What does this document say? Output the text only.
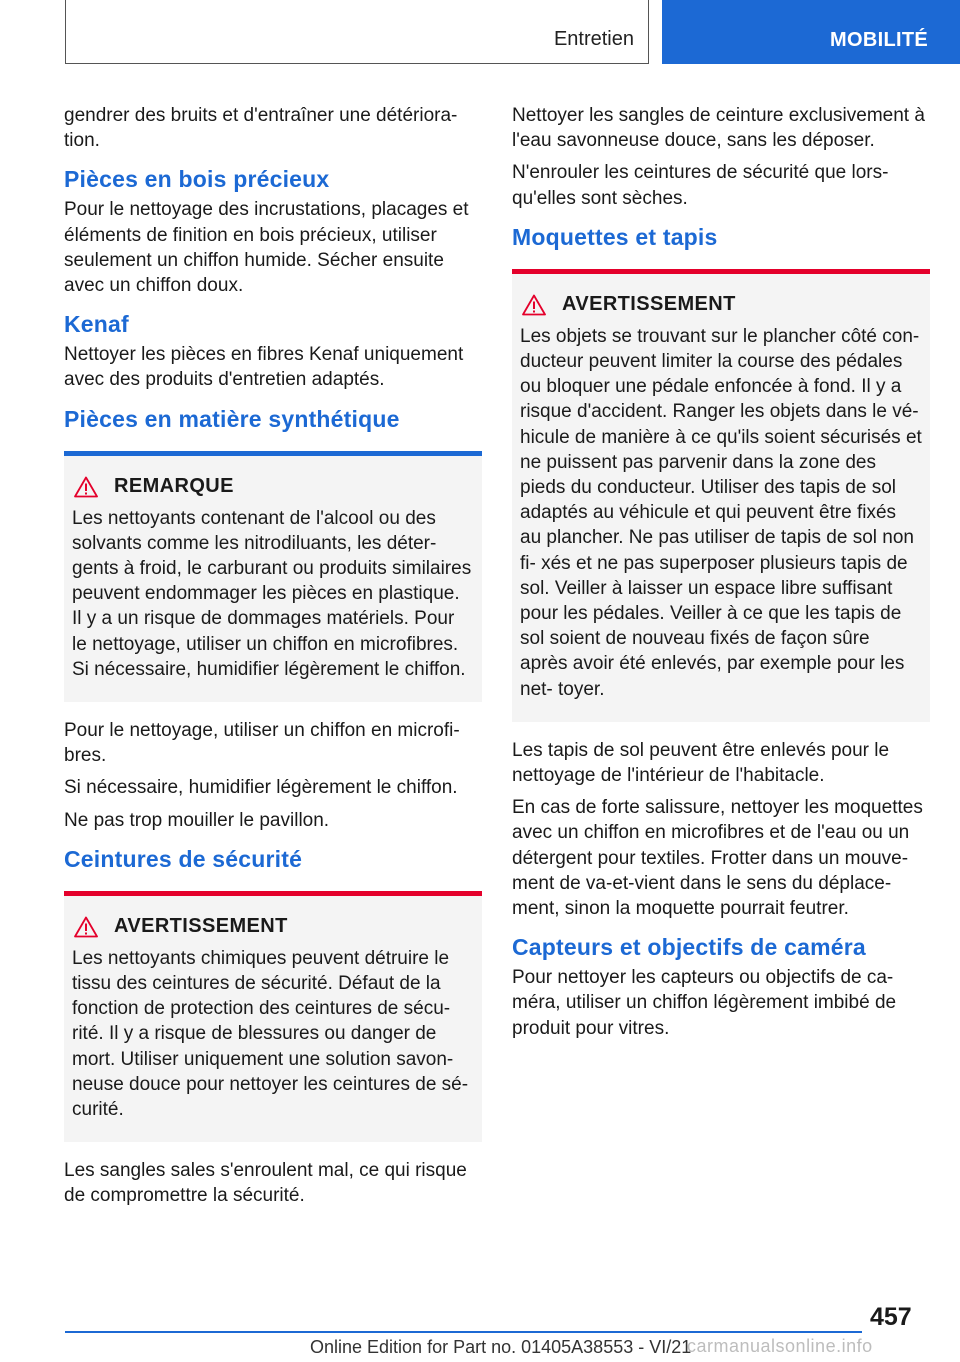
Entretien	MOBILITÉ

gendrer des bruits et d'entraîner une détériora- tion.

Pièces en bois précieux

Pour le nettoyage des incrustations, placages et éléments de finition en bois précieux, utiliser seulement un chiffon humide. Sécher ensuite avec un chiffon doux.

Kenaf

Nettoyer les pièces en fibres Kenaf uniquement avec des produits d'entretien adaptés.

Pièces en matière synthétique
REMARQUE

Les nettoyants contenant de l'alcool ou des solvants comme les nitrodiluants, les déter- gents à froid, le carburant ou produits similaires peuvent endommager les pièces en plastique. Il y a un risque de dommages matériels. Pour le nettoyage, utiliser un chiffon en microfibres. Si nécessaire, humidifier légèrement le chiffon.

Pour le nettoyage, utiliser un chiffon en microfi- bres.

Si nécessaire, humidifier légèrement le chiffon.

Ne pas trop mouiller le pavillon.

Ceintures de sécurité
AVERTISSEMENT

Les nettoyants chimiques peuvent détruire le tissu des ceintures de sécurité. Défaut de la fonction de protection des ceintures de sécu- rité. Il y a risque de blessures ou danger de mort. Utiliser uniquement une solution savon- neuse douce pour nettoyer les ceintures de sé- curité.

Les sangles sales s'enroulent mal, ce qui risque de compromettre la sécurité.

Nettoyer les sangles de ceinture exclusivement à l'eau savonneuse douce, sans les déposer.

N'enrouler les ceintures de sécurité que lors- qu'elles sont sèches.

Moquettes et tapis
AVERTISSEMENT

Les objets se trouvant sur le plancher côté con- ducteur peuvent limiter la course des pédales ou bloquer une pédale enfoncée à fond. Il y a risque d'accident. Ranger les objets dans le vé- hicule de manière à ce qu'ils soient sécurisés et ne puissent pas parvenir dans la zone des pieds du conducteur. Utiliser des tapis de sol adaptés au véhicule et qui peuvent être fixés au plancher. Ne pas utiliser de tapis de sol non fi- xés et ne pas superposer plusieurs tapis de sol. Veiller à laisser un espace libre suffisant pour les pédales. Veiller à ce que les tapis de sol soient de nouveau fixés de façon sûre après avoir été enlevés, par exemple pour les net- toyer.

Les tapis de sol peuvent être enlevés pour le nettoyage de l'intérieur de l'habitacle.

En cas de forte salissure, nettoyer les moquettes avec un chiffon en microfibres et de l'eau ou un détergent pour textiles. Frotter dans un mouve- ment de va-et-vient dans le sens du déplace- ment, sinon la moquette pourrait feutrer.

Capteurs et objectifs de caméra

Pour nettoyer les capteurs ou objectifs de ca- méra, utiliser un chiffon légèrement imbibé de produit pour vitres.

457
Online Edition for Part no. 01405A38553 - VI/21
carmanualsonline.info
